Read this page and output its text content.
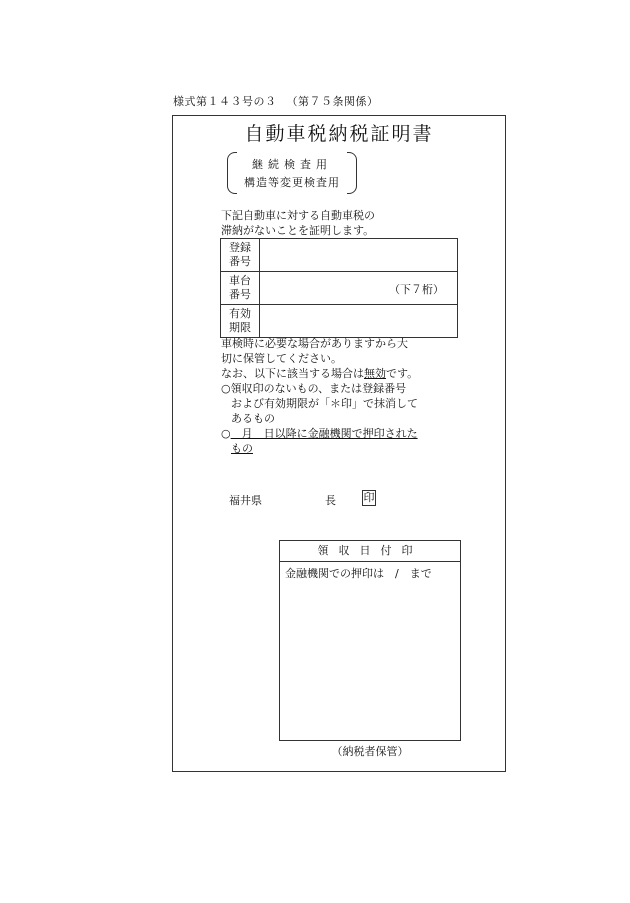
様式第１４３号の３ （第７５条関係）
自動車税納税証明書
継続検査用
構造等変更検査用
下記自動車に対する自動車税の
滞納がないことを証明します。
登録
番号	
車台
番号	（下７桁）

有効
期限	
車検時に必要な場合がありますから大
切に保管してください。
なお、以下に該当する場合は無効です。
○領収印のないもの、または登録番号
および有効期限が「＊印」で抹消して
あるもの
○　月　日以降に金融機関で押印された
もの
福井県	長	印
領収日付印
金融機関での押印は　/　まで
（納税者保管）
